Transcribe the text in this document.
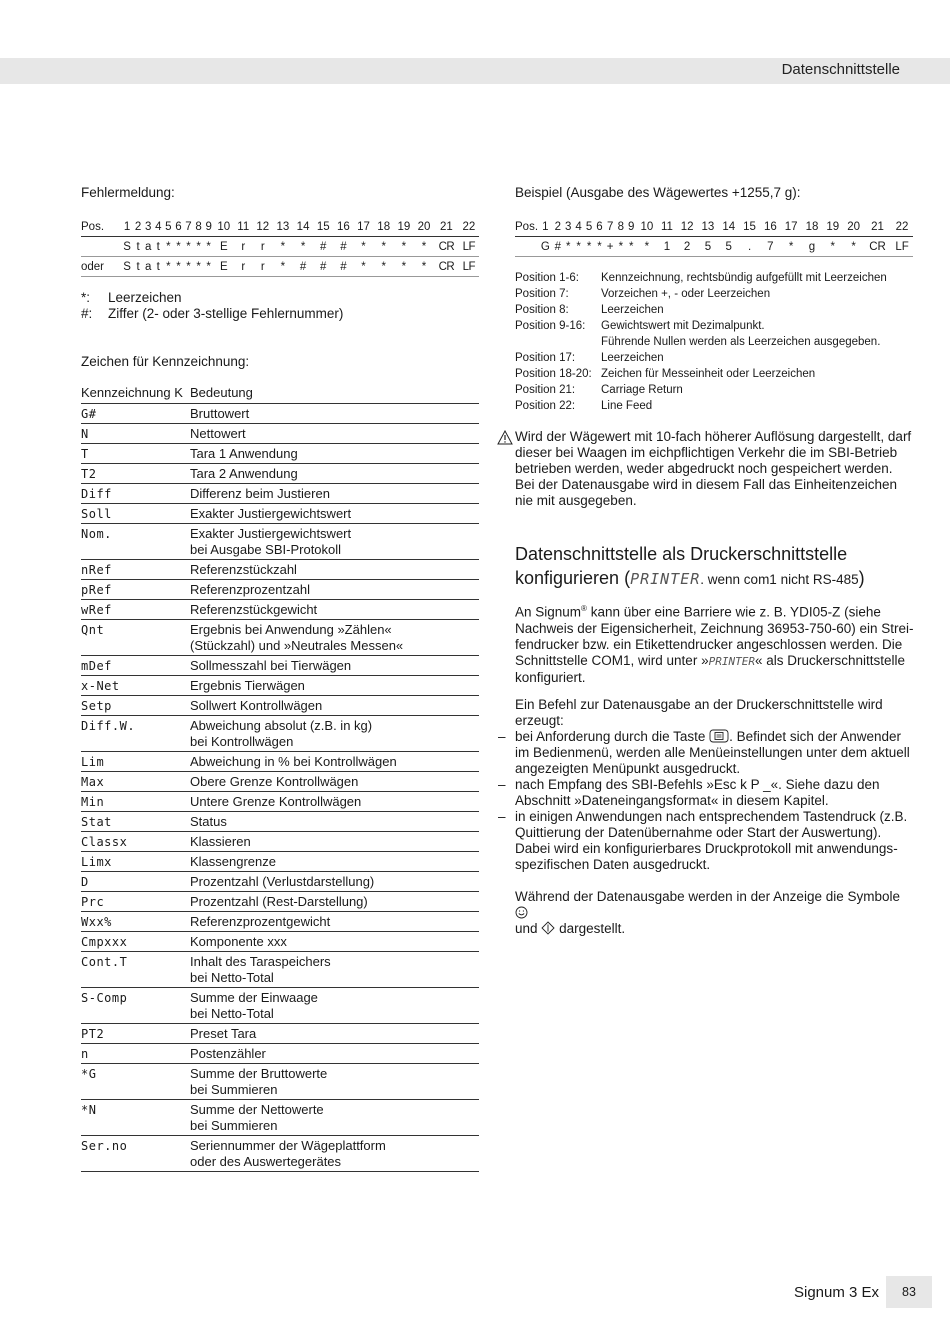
Datenschnittstelle
Fehlermeldung:
Pos.	1	2	3	4	5	6	7	8	9	10	11	12	13	14	15	16	17	18	19	20	21	22
	S	t	a	t	*	*	*	*	*	E	r	r	*	*	#	#	*	*	*	*	CR	LF
oder	S	t	a	t	*	*	*	*	*	E	r	r	*	#	#	#	*	*	*	*	CR	LF
*: Leerzeichen
#: Ziffer (2- oder 3-stellige Fehlernummer)
Zeichen für Kennzeichnung:
Kennzeichnung K	Bedeutung
G#	Bruttowert
N	Nettowert
T	Tara 1 Anwendung
T2	Tara 2 Anwendung
Diff	Differenz beim Justieren
Soll	Exakter Justiergewichtswert
Nom.	Exakter Justiergewichtswert
bei Ausgabe SBI-Protokoll
nRef	Referenzstückzahl
pRef	Referenzprozentzahl
wRef	Referenzstückgewicht
Qnt	Ergebnis bei Anwendung »Zählen«
(Stückzahl) und »Neutrales Messen«
mDef	Sollmesszahl bei Tierwägen
x-Net	Ergebnis Tierwägen
Setp	Sollwert Kontrollwägen
Diff.W.	Abweichung absolut (z.B. in kg)
bei Kontrollwägen
Lim	Abweichung in % bei Kontrollwägen
Max	Obere Grenze Kontrollwägen
Min	Untere Grenze Kontrollwägen
Stat	Status
Classx	Klassieren
Limx	Klassengrenze
D	Prozentzahl (Verlustdarstellung)
Prc	Prozentzahl (Rest-Darstellung)
Wxx%	Referenzprozentgewicht
Cmpxxx	Komponente xxx
Cont.T	Inhalt des Taraspeichers
bei Netto-Total
S-Comp	Summe der Einwaage
bei Netto-Total
PT2	Preset Tara
n	Postenzähler
*G	Summe der Bruttowerte
bei Summieren
*N	Summe der Nettowerte
bei Summieren
Ser.no	Seriennummer der Wägeplattform
oder des Auswertegerätes
Beispiel (Ausgabe des Wägewertes +1255,7 g):
Pos.	1	2	3	4	5	6	7	8	9	10	11	12	13	14	15	16	17	18	19	20	21	22
	G	#	*	*	*	*	+	*	*	*	1	2	5	5	.	7	*	g	*	*	CR	LF
Position 1-6:	Kennzeichnung, rechtsbündig aufgefüllt mit Leerzeichen
Position 7:	Vorzeichen +, - oder Leerzeichen
Position 8:	Leerzeichen
Position 9-16:	Gewichtswert mit Dezimalpunkt.
	Führende Nullen werden als Leerzeichen ausgegeben.
Position 17:	Leerzeichen
Position 18-20:	Zeichen für Messeinheit oder Leerzeichen
Position 21:	Carriage Return
Position 22:	Line Feed
Wird der Wägewert mit 10-fach höherer Auflösung dargestellt, darf dieser bei Waagen im eichpflichtigen Verkehr die im SBI-Betrieb betrieben werden, weder abgedruckt noch gespeichert werden. Bei der Datenausgabe wird in diesem Fall das Einheitenzeichen nie mit ausgegeben.
Datenschnittstelle als Druckerschnittstelle
konfigurieren (PRINTER. wenn com1 nicht RS-485)
An Signum® kann über eine Barriere wie z. B. YDI05-Z (siehe Nachweis der Eigensicherheit, Zeichnung 36953-750-60) ein Streifendrucker bzw. ein Etikettendrucker angeschlossen werden. Die Schnittstelle COM1, wird unter »PRINTER« als Druckerschnittstelle konfiguriert.
Ein Befehl zur Datenausgabe an der Druckerschnittstelle wird erzeugt:
– bei Anforderung durch die Taste . Befindet sich der Anwender im Bedienmenü, werden alle Menüeinstellungen unter dem aktuell angezeigten Menüpunkt ausgedruckt.
– nach Empfang des SBI-Befehls »Esc k P _«. Siehe dazu den Abschnitt »Dateneingangsformat« in diesem Kapitel.
– in einigen Anwendungen nach entsprechendem Tastendruck (z.B. Quittierung der Datenübernahme oder Start der Auswertung). Dabei wird ein konfigurierbares Druckprotokoll mit anwendungsspezifischen Daten ausgedruckt.
Während der Datenausgabe werden in der Anzeige die Symbole
und dargestellt.
Signum 3 Ex	83
